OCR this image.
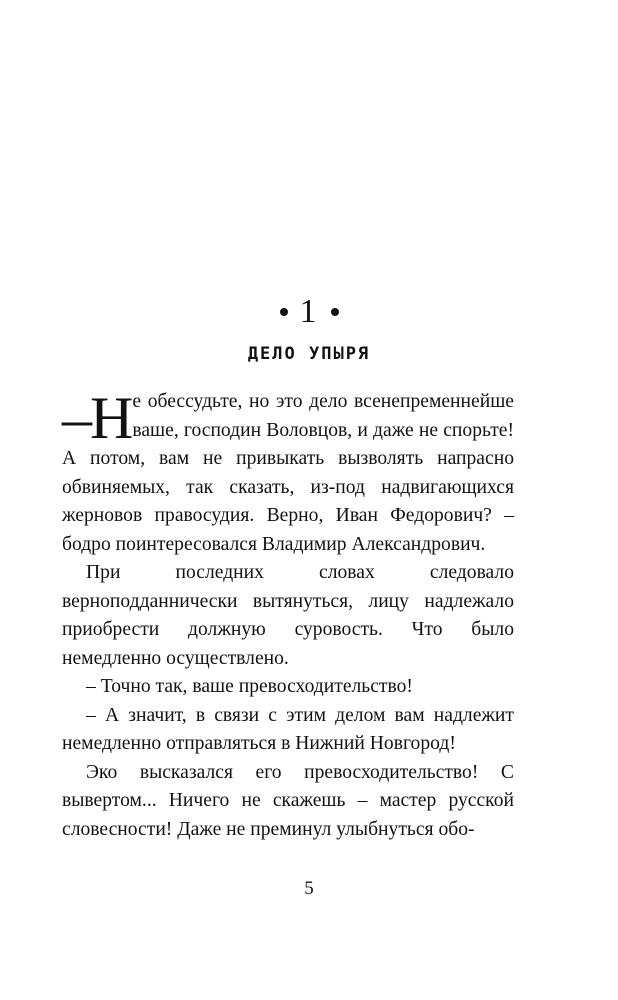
1
ДЕЛО УПЫРЯ

–Н е обессудьте, но это дело всенепременнейше ваше, господин Воловцов, и даже не спорьте! А потом, вам не привыкать вызволять напрасно обвиняемых, так сказать, из-под надвигающихся жерновов правосудия. Верно, Иван Федорович? – бодро поинтересовался Владимир Александрович.

При последних словах следовало верноподданнически вытянуться, лицу надлежало приобрести должную суровость. Что было немедленно осуществлено.

– Точно так, ваше превосходительство!

– А значит, в связи с этим делом вам надлежит немедленно отправляться в Нижний Новгород!

Эко высказался его превосходительство! С вывертом... Ничего не скажешь – мастер русской словесности! Даже не преминул улыбнуться обо-

5
